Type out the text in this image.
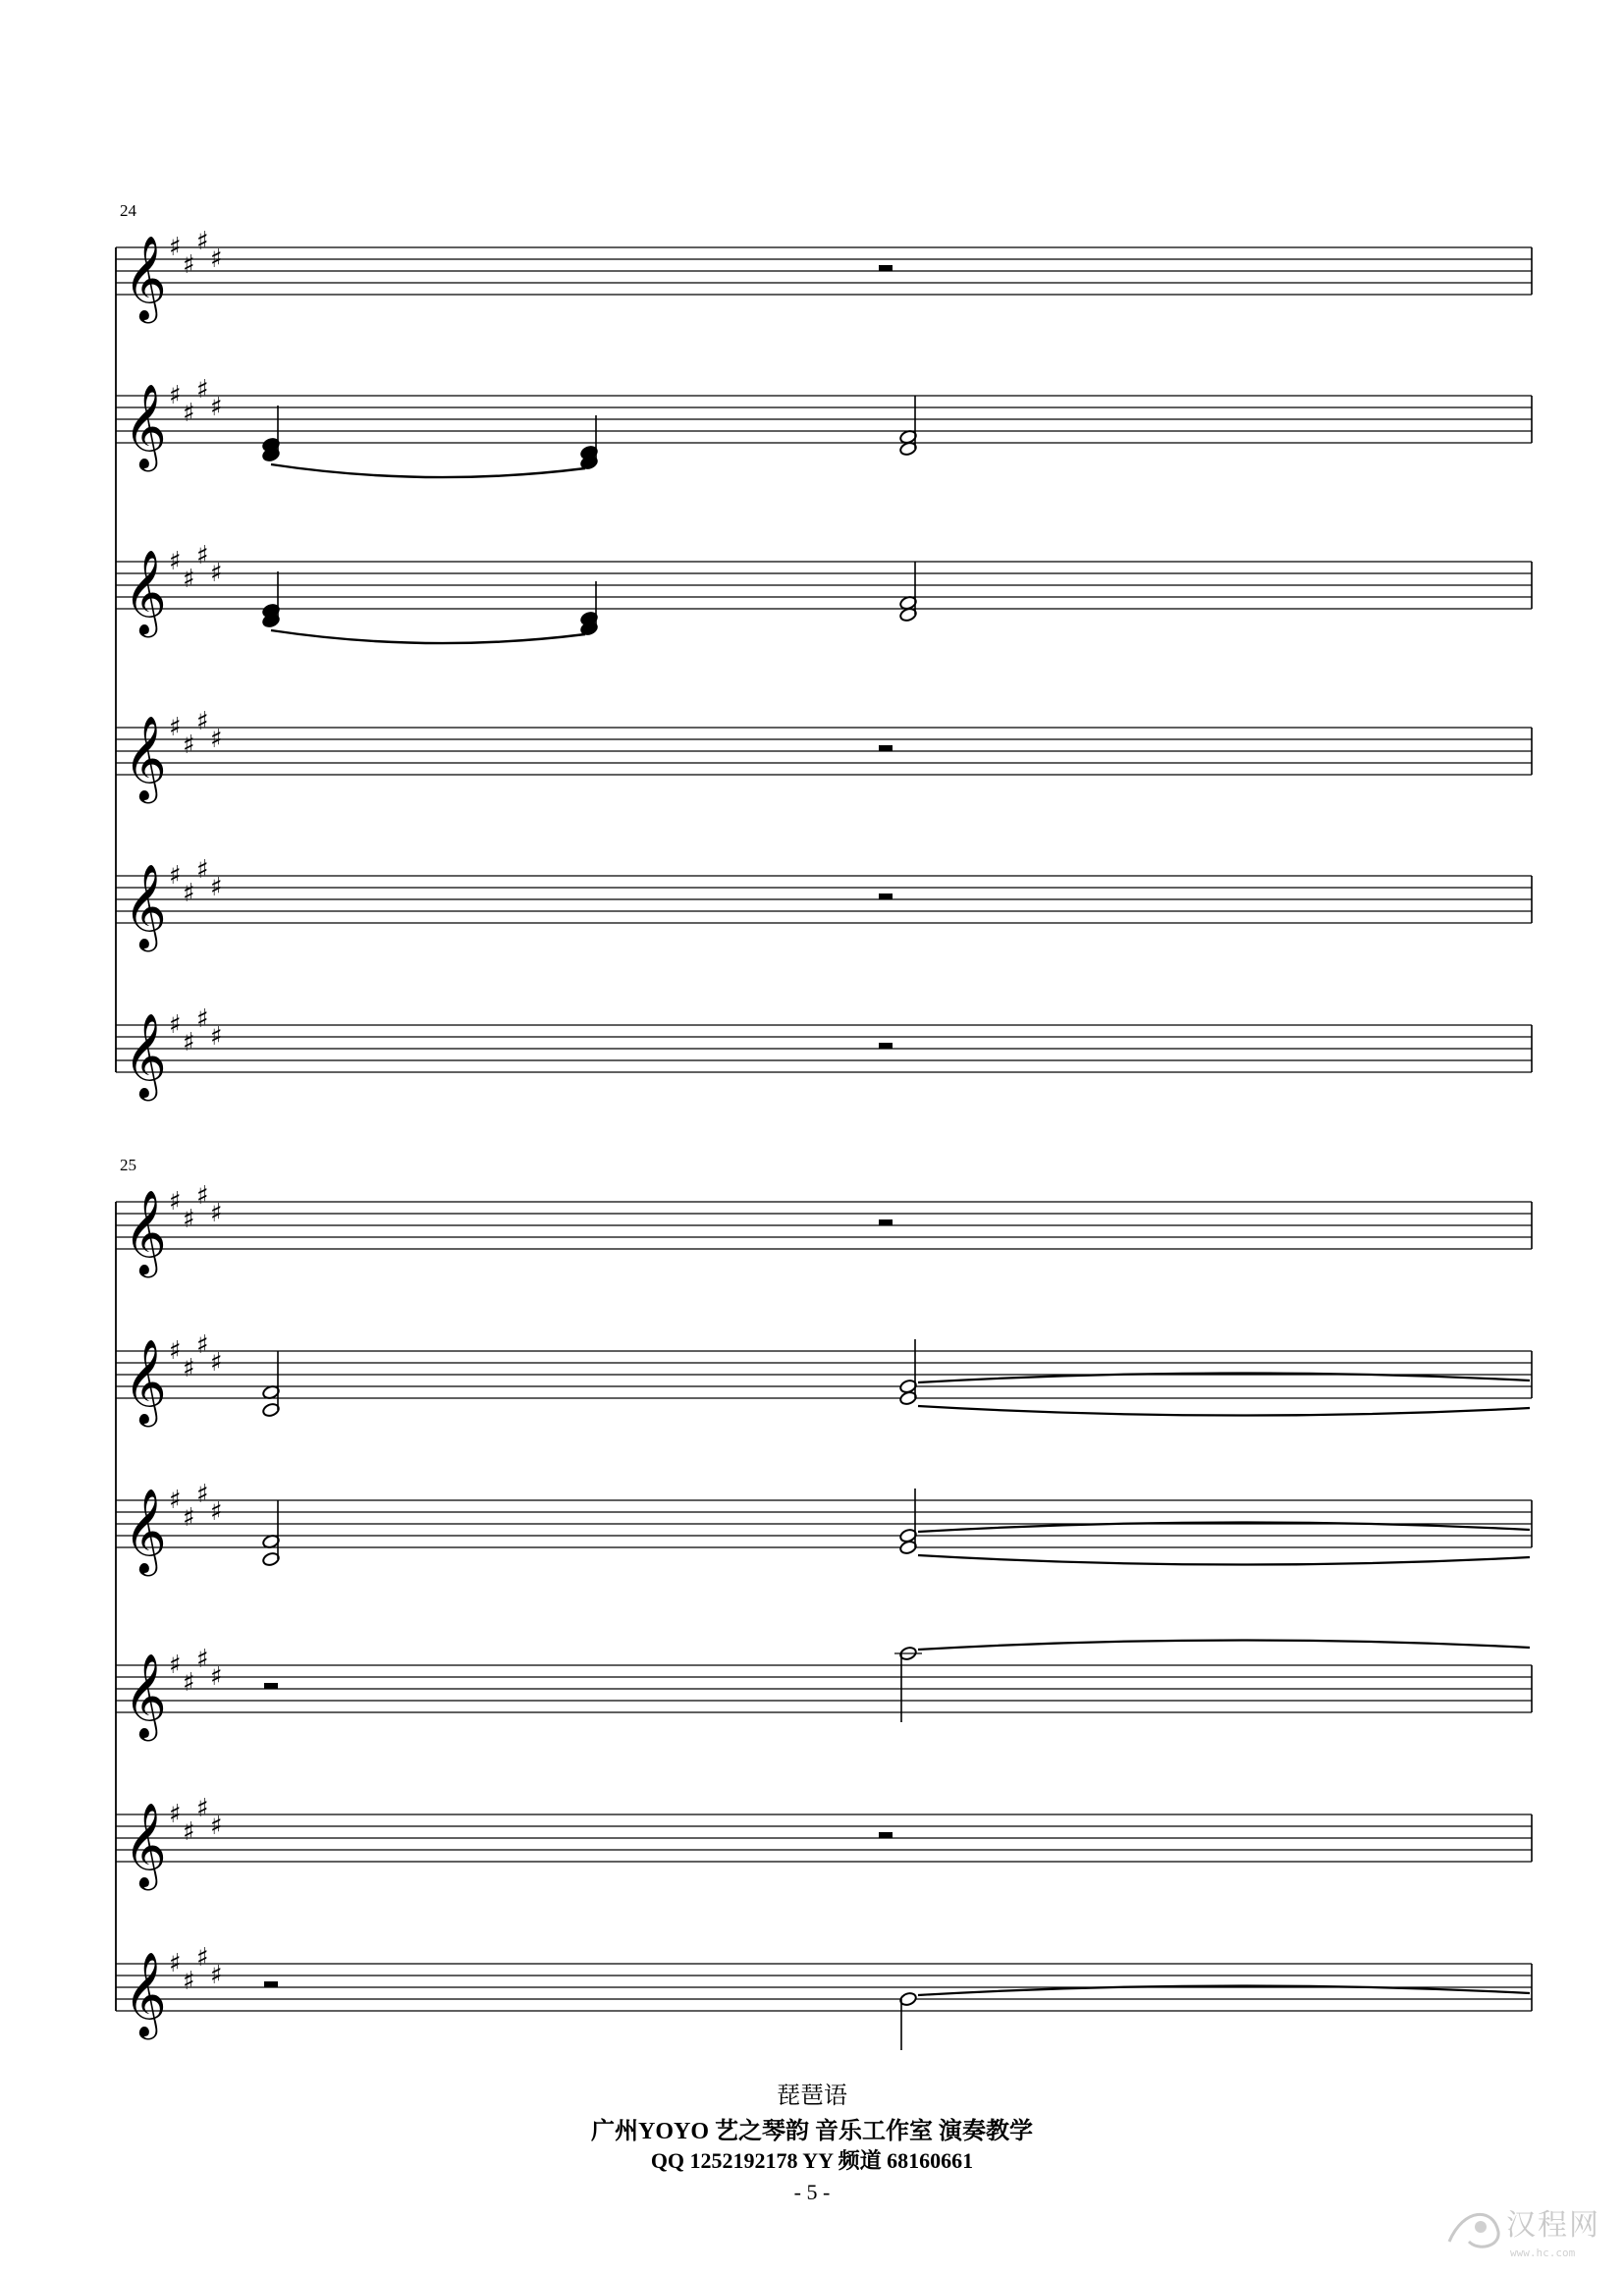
24
25
𝄞 ♯
♯
♯
♯
𝄞 ♯
♯
♯
♯
𝄞 ♯
♯
♯
♯
𝄞 ♯
♯
♯
♯
𝄞 ♯
♯
♯
♯
𝄞 ♯
♯
♯
♯
𝄞 ♯
♯
♯
♯
𝄞 ♯
♯
♯
♯
𝄞 ♯
♯
♯
♯
𝄞 ♯
♯
♯
♯
𝄞 ♯
♯
♯
♯
𝄞 ♯
♯
♯
♯
琵琶语
广州YOYO 艺之琴韵 音乐工作室 演奏教学
QQ 1252192178 YY 频道 68160661
- 5 -
汉 程 网
www.hc.com
